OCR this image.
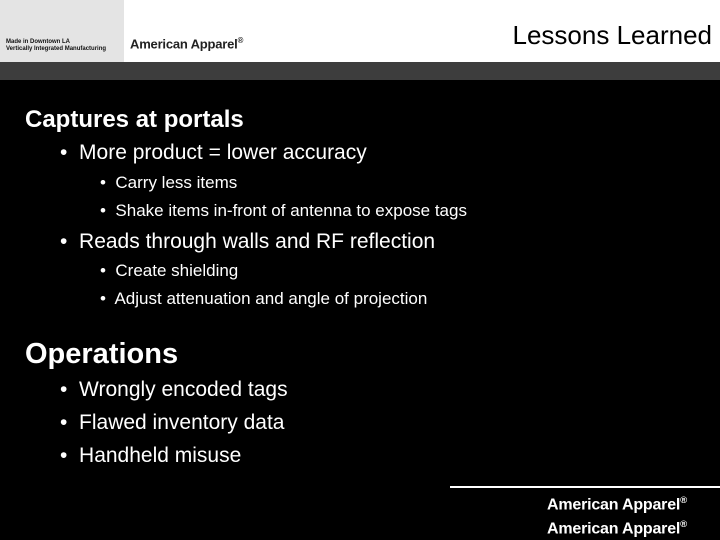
Made in Downtown LA
Vertically Integrated Manufacturing American Apparel®	Lessons Learned
Captures at portals
• More product = lower accuracy
• Carry less items
• Shake items in-front of antenna to expose tags
• Reads through walls and RF reflection
• Create shielding
• Adjust attenuation and angle of projection
Operations
• Wrongly encoded tags
• Flawed inventory data
• Handheld misuse
American Apparel®
American Apparel®
